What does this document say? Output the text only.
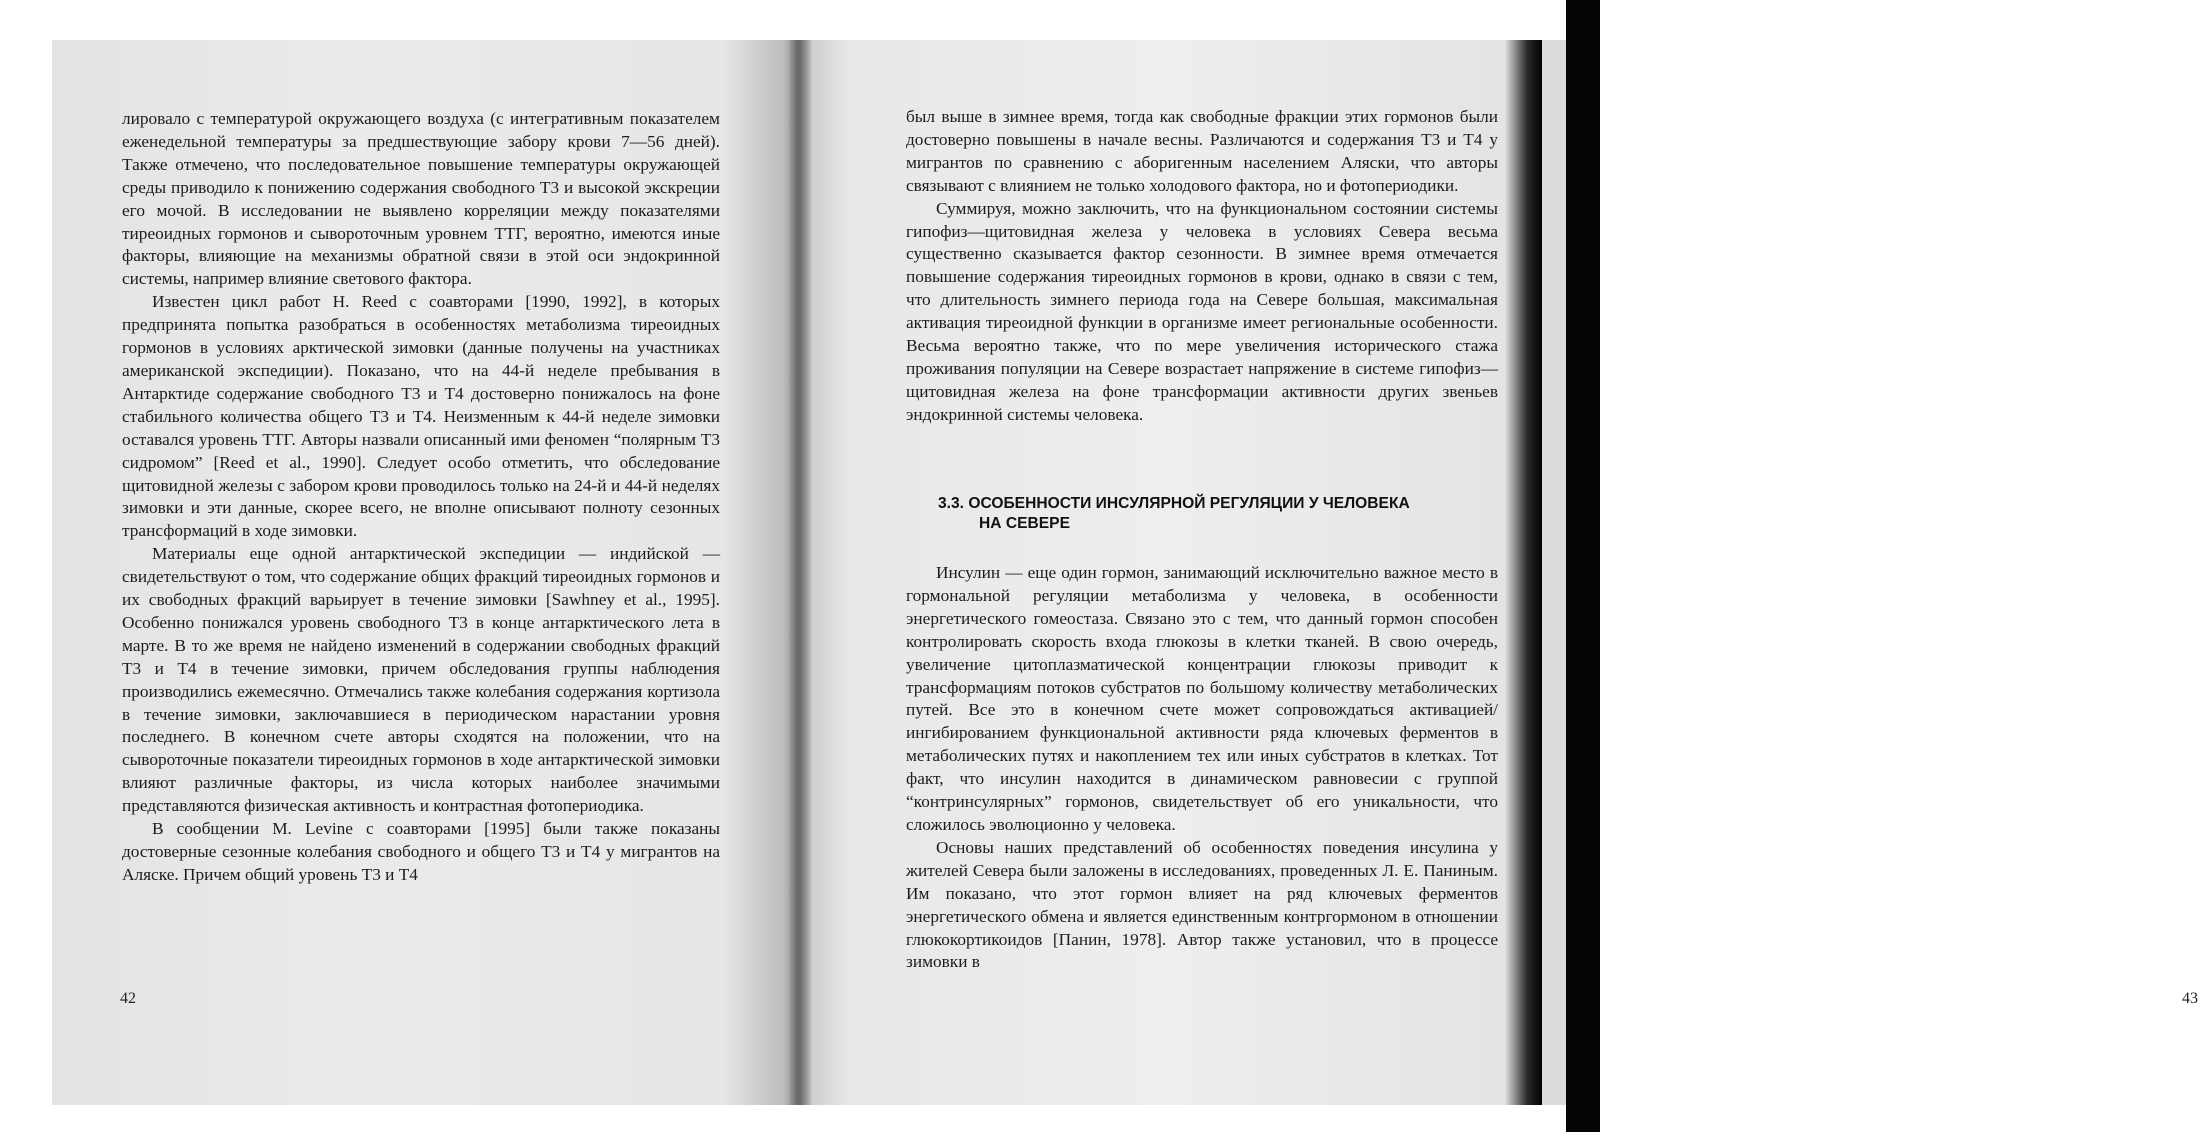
лировало с температурой окружающего воздуха (с интегративным показателем еженедельной температуры за предшествующие забору крови 7—56 дней). Также отмечено, что последовательное повышение температуры окружающей среды приводило к понижению содержания свободного Т3 и высокой экскреции его мочой. В исследовании не выявлено корреляции между показателями тиреоидных гормонов и сывороточным уровнем ТТГ, вероятно, имеются иные факторы, влияющие на механизмы обратной связи в этой оси эндокринной системы, например влияние светового фактора.

Известен цикл работ H. Reed с соавторами [1990, 1992], в которых предпринята попытка разобраться в особенностях метаболизма тиреоидных гормонов в условиях арктической зимовки (данные получены на участниках американской экспедиции). Показано, что на 44-й неделе пребывания в Антарктиде содержание свободного Т3 и Т4 достоверно понижалось на фоне стабильного количества общего Т3 и Т4. Неизменным к 44-й неделе зимовки оставался уровень ТТГ. Авторы назвали описанный ими феномен “полярным Т3 сидромом” [Reed et al., 1990]. Следует особо отметить, что обследование щитовидной железы с забором крови проводилось только на 24-й и 44-й неделях зимовки и эти данные, скорее всего, не вполне описывают полноту сезонных трансформаций в ходе зимовки.

Материалы еще одной антарктической экспедиции — индийской — свидетельствуют о том, что содержание общих фракций тиреоидных гормонов и их свободных фракций варьирует в течение зимовки [Sawhney et al., 1995]. Особенно понижался уровень свободного Т3 в конце антарктического лета в марте. В то же время не найдено изменений в содержании свободных фракций Т3 и Т4 в течение зимовки, причем обследования группы наблюдения производились ежемесячно. Отмечались также колебания содержания кортизола в течение зимовки, заключавшиеся в периодическом нарастании уровня последнего. В конечном счете авторы сходятся на положении, что на сывороточные показатели тиреоидных гормонов в ходе антарктической зимовки влияют различные факторы, из числа которых наиболее значимыми представляются физическая активность и контрастная фотопериодика.

В сообщении M. Levine с соавторами [1995] были также показаны достоверные сезонные колебания свободного и общего Т3 и Т4 у мигрантов на Аляске. Причем общий уровень Т3 и Т4

42

был выше в зимнее время, тогда как свободные фракции этих гормонов были достоверно повышены в начале весны. Различаются и содержания Т3 и Т4 у мигрантов по сравнению с аборигенным населением Аляски, что авторы связывают с влиянием не только холодового фактора, но и фотопериодики.

Суммируя, можно заключить, что на функциональном состоянии системы гипофиз—щитовидная железа у человека в условиях Севера весьма существенно сказывается фактор сезонности. В зимнее время отмечается повышение содержания тиреоидных гормонов в крови, однако в связи с тем, что длительность зимнего периода года на Севере большая, максимальная активация тиреоидной функции в организме имеет региональные особенности. Весьма вероятно также, что по мере увеличения исторического стажа проживания популяции на Севере возрастает напряжение в системе гипофиз—щитовидная железа на фоне трансформации активности других звеньев эндокринной системы человека.

3.3. ОСОБЕННОСТИ ИНСУЛЯРНОЙ РЕГУЛЯЦИИ У ЧЕЛОВЕКА
НА СЕВЕРЕ

Инсулин — еще один гормон, занимающий исключительно важное место в гормональной регуляции метаболизма у человека, в особенности энергетического гомеостаза. Связано это с тем, что данный гормон способен контролировать скорость входа глюкозы в клетки тканей. В свою очередь, увеличение цитоплазматической концентрации глюкозы приводит к трансформациям потоков субстратов по большому количеству метаболических путей. Все это в конечном счете может сопровождаться активацией/ингибированием функциональной активности ряда ключевых ферментов в метаболических путях и накоплением тех или иных субстратов в клетках. Тот факт, что инсулин находится в динамическом равновесии с группой “контринсулярных” гормонов, свидетельствует об его уникальности, что сложилось эволюционно у человека.

Основы наших представлений об особенностях поведения инсулина у жителей Севера были заложены в исследованиях, проведенных Л. Е. Паниным. Им показано, что этот гормон влияет на ряд ключевых ферментов энергетического обмена и является единственным контргормоном в отношении глюкокортикоидов [Панин, 1978]. Автор также установил, что в процессе зимовки в

43
